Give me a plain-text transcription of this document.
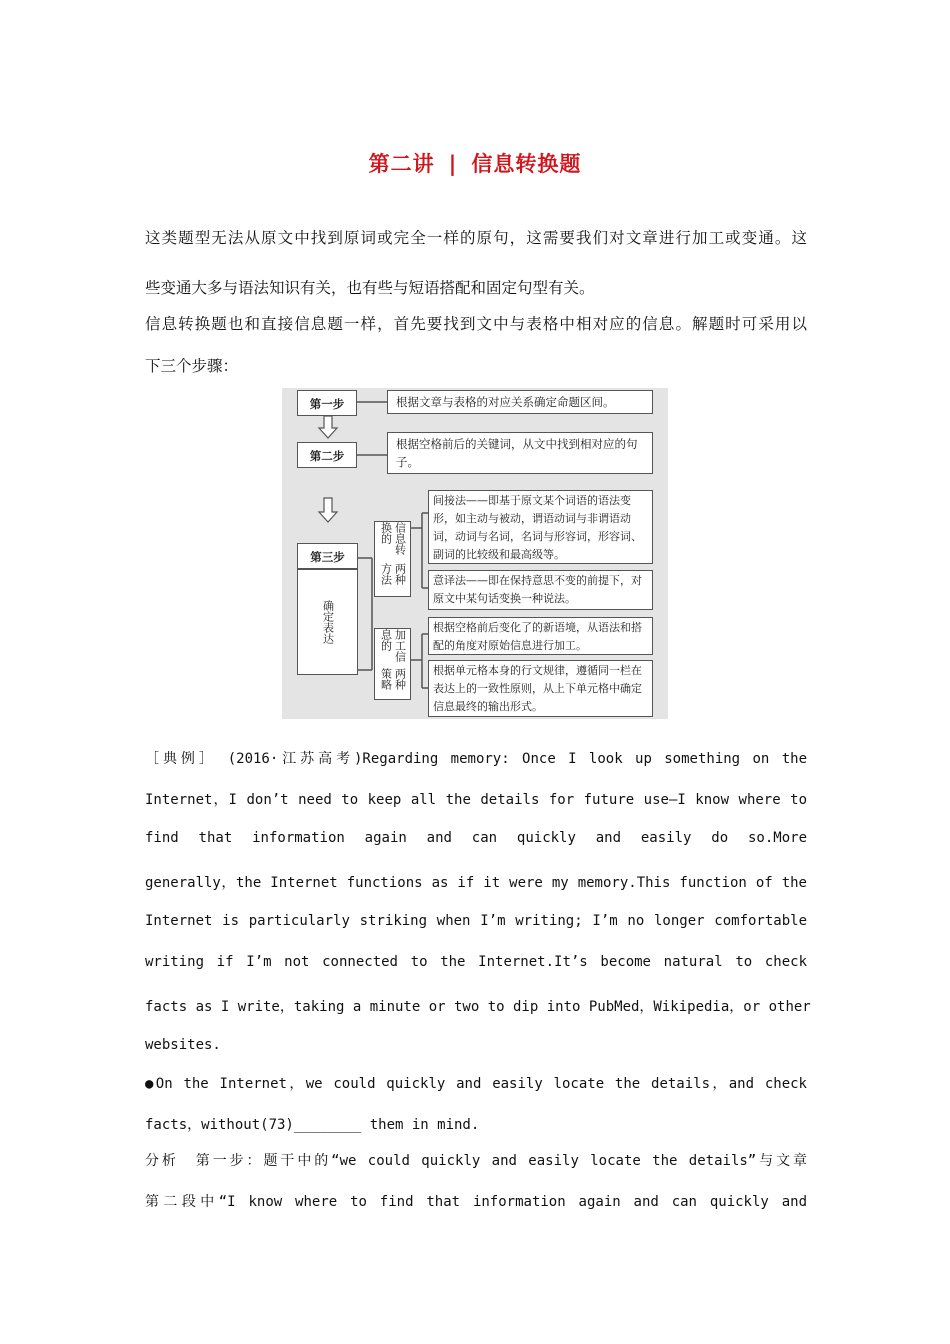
第二讲 | 信息转换题
这类题型无法从原文中找到原词或完全一样的原句，这需要我们对文章进行加工或变通。这
些变通大多与语法知识有关，也有些与短语搭配和固定句型有关。
信息转换题也和直接信息题一样，首先要找到文中与表格中相对应的信息。解题时可采用以
下三个步骤：
第一步	根据文章与表格的对应关系确定命题区间。
第二步
根据空格前后的关键词，从文中找到相对应的句子。
第三步
确定表达
信息转换的
两种方法
间接法——即基于原文某个词语的语法变形，如主动与被动，谓语动词与非谓语动词，动词与名词，名词与形容词，形容词、副词的比较级和最高级等。
意译法——即在保持意思不变的前提下，对原文中某句话变换一种说法。
加工信息的
两种策略
根据空格前后变化了的新语境，从语法和搭配的角度对原始信息进行加工。
根据单元格本身的行文规律，遵循同一栏在表达上的一致性原则，从上下单元格中确定信息最终的输出形式。
［典例］　(2016·江苏高考)Regarding memory: Once I look up something on the
Internet，I don’t need to keep all the details for future use—I know where to
find that information again and can quickly and easily do so.More
generally，the Internet functions as if it were my memory.This function of the
Internet is particularly striking when I’m writing; I’m no longer comfortable
writing if I’m not connected to the Internet.It’s become natural to check
facts as I write，taking a minute or two to dip into PubMed，Wikipedia，or other
websites.
●On the Internet，we could quickly and easily locate the details，and check
facts，without(73)________ them in mind.
分析　第一步：题干中的“we could quickly and easily locate the details”与文章
第二段中“I know where to find that information again and can quickly and
